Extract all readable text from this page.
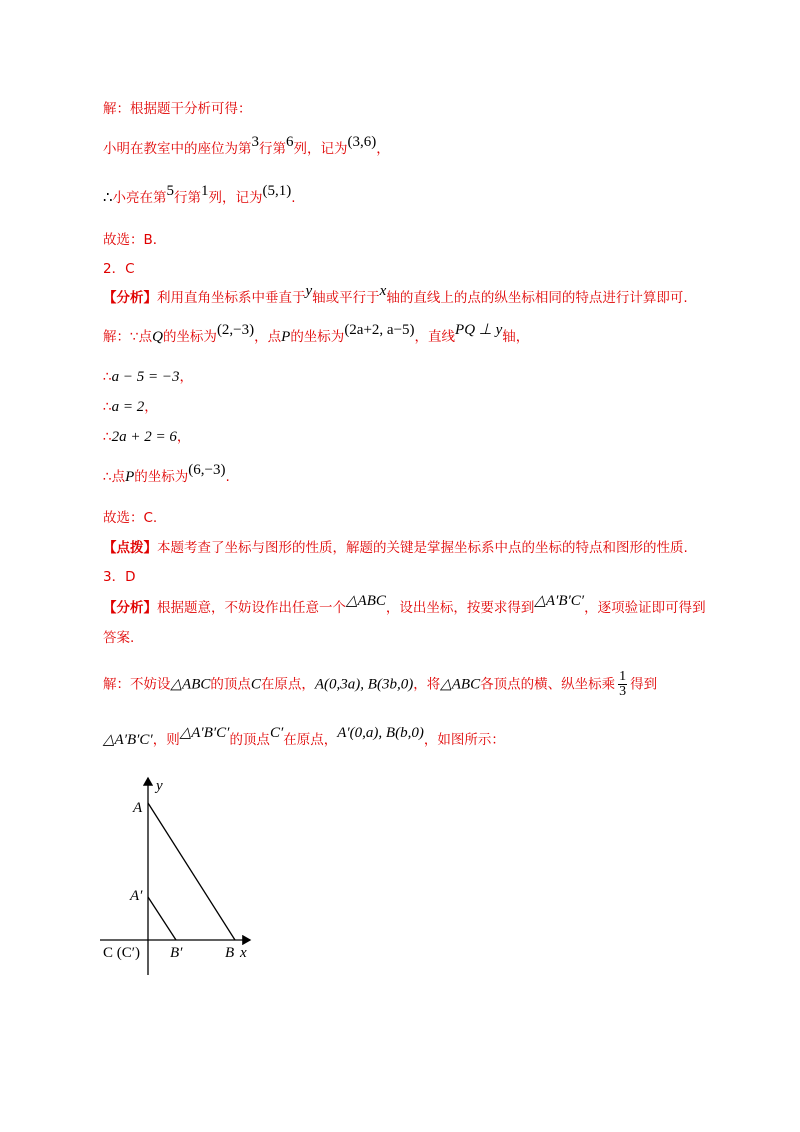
解：根据题干分析可得：
小明在教室中的座位为第3行第6列，记为(3,6)，
∴小亮在第5行第1列，记为(5,1).
故选：B．
2．C
【分析】利用直角坐标系中垂直于y轴或平行于x轴的直线上的点的纵坐标相同的特点进行计算即可.
解：∵点Q的坐标为(2,−3)，点P的坐标为(2a+2, a−5)，直线PQ ⊥ y轴，
∴a − 5 = −3，
∴a = 2，
∴2a + 2 = 6，
∴点P的坐标为(6,−3).
故选：C.
【点拨】本题考查了坐标与图形的性质，解题的关键是掌握坐标系中点的坐标的特点和图形的性质.
3．D
【分析】根据题意，不妨设作出任意一个△ABC，设出坐标，按要求得到△A′B′C′，逐项验证即可得到
答案.
解：不妨设△ABC的顶点C在原点，A(0,3a), B(3b,0)，将△ABC各顶点的横、纵坐标乘 $\frac{1}{3}$ 得到
△A′B′C′，则△A′B′C′的顶点C′在原点，A′(0,a), B(b,0)，如图所示：
y
A
A′
C (C′) B′	B x
